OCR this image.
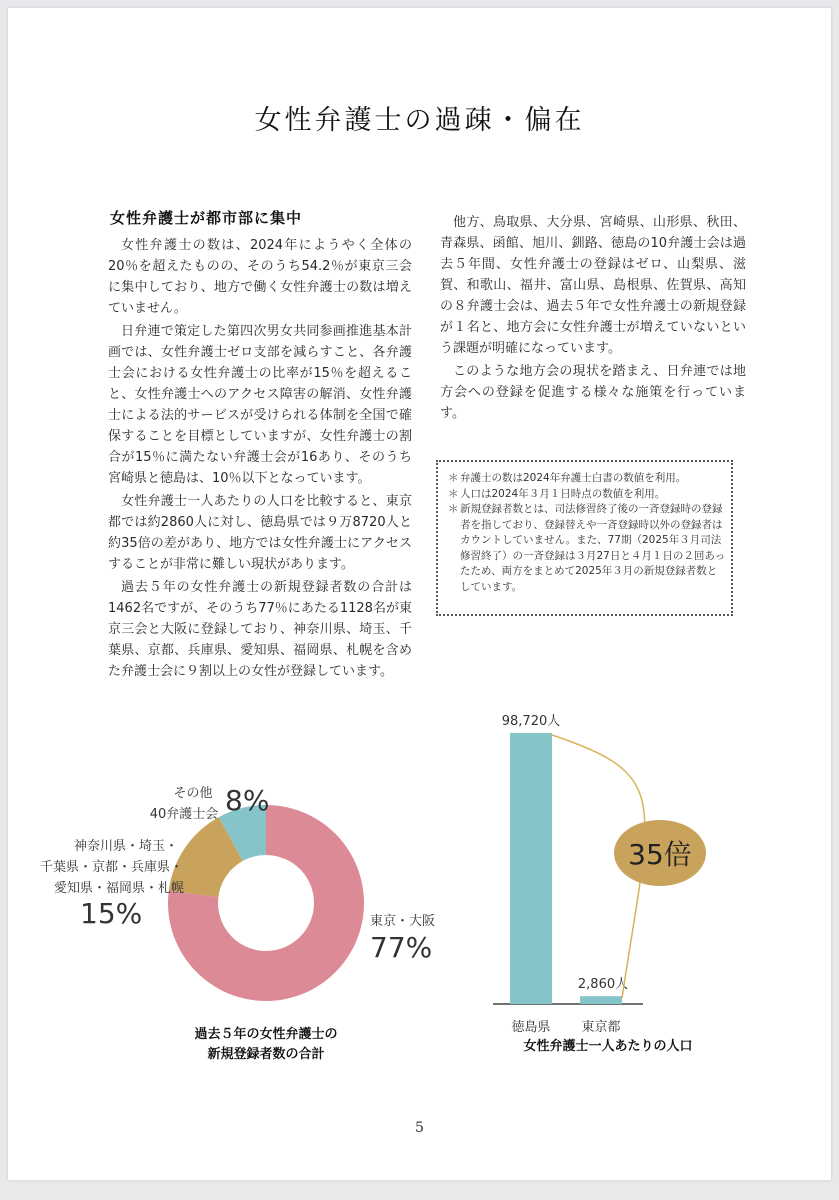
女性弁護士の過疎・偏在
女性弁護士が都市部に集中

女性弁護士の数は、2024年にようやく全体の20％を超えたものの、そのうち54.2％が東京三会に集中しており、地方で働く女性弁護士の数は増えていません。

日弁連で策定した第四次男女共同参画推進基本計画では、女性弁護士ゼロ支部を減らすこと、各弁護士会における女性弁護士の比率が15％を超えること、女性弁護士へのアクセス障害の解消、女性弁護士による法的サービスが受けられる体制を全国で確保することを目標としていますが、女性弁護士の割合が15％に満たない弁護士会が16あり、そのうち宮崎県と徳島は、10％以下となっています。

女性弁護士一人あたりの人口を比較すると、東京都では約2860人に対し、徳島県では９万8720人と約35倍の差があり、地方では女性弁護士にアクセスすることが非常に難しい現状があります。

過去５年の女性弁護士の新規登録者数の合計は1462名ですが、そのうち77％にあたる1128名が東京三会と大阪に登録しており、神奈川県、埼玉、千葉県、京都、兵庫県、愛知県、福岡県、札幌を含めた弁護士会に９割以上の女性が登録しています。

他方、鳥取県、大分県、宮崎県、山形県、秋田、青森県、函館、旭川、釧路、徳島の10弁護士会は過去５年間、女性弁護士の登録はゼロ、山梨県、滋賀、和歌山、福井、富山県、島根県、佐賀県、高知の８弁護士会は、過去５年で女性弁護士の新規登録が１名と、地方会に女性弁護士が増えていないという課題が明確になっています。

このような地方会の現状を踏まえ、日弁連では地方会への登録を促進する様々な施策を行っています。

＊ 弁護士の数は2024年弁護士白書の数値を利用。
＊ 人口は2024年３月１日時点の数値を利用。
＊ 新規登録者数とは、司法修習終了後の一斉登録時の登録者を指しており、登録替えや一斉登録時以外の登録者はカウントしていません。また、77期（2025年３月司法修習終了）の一斉登録は３月27日と４月１日の２回あったため、両方をまとめて2025年３月の新規登録者数としています。
東京・大阪
77%
神奈川県・埼玉・
千葉県・京都・兵庫県・
愛知県・福岡県・札幌
15%
その他
40弁護士会 8%
過去５年の女性弁護士の
新規登録者数の合計
98,720人
徳島県
2,860人
東京都
35倍
女性弁護士一人あたりの人口
5
